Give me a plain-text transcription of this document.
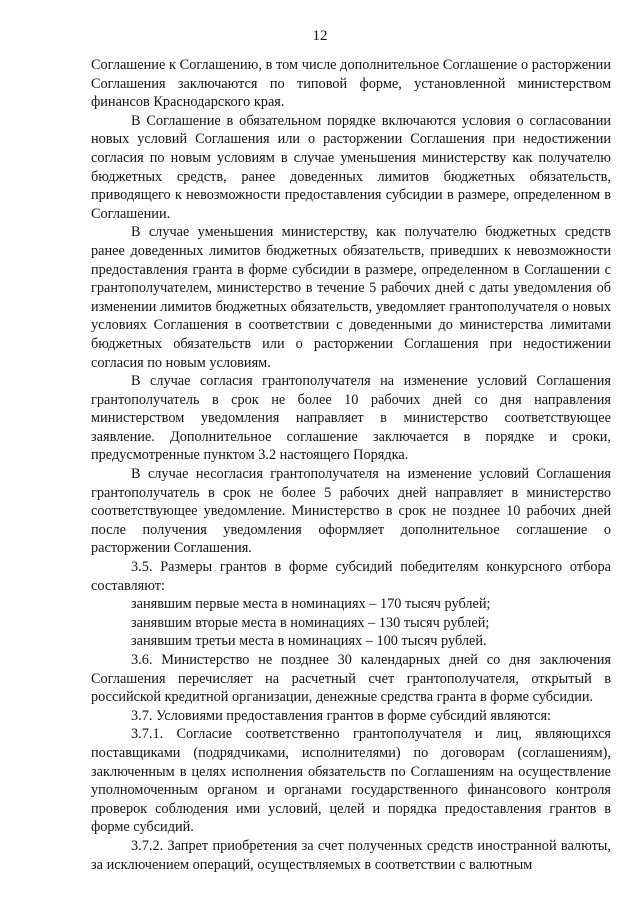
12

Соглашение к Соглашению, в том числе дополнительное Соглашение о расторжении Соглашения заключаются по типовой форме, установленной министерством финансов Краснодарского края.

В Соглашение в обязательном порядке включаются условия о согласовании новых условий Соглашения или о расторжении Соглашения при недостижении согласия по новым условиям в случае уменьшения министерству как получателю бюджетных средств, ранее доведенных лимитов бюджетных обязательств, приводящего к невозможности предоставления субсидии в размере, определенном в Соглашении.

В случае уменьшения министерству, как получателю бюджетных средств ранее доведенных лимитов бюджетных обязательств, приведших к невозможности предоставления гранта в форме субсидии в размере, определенном в Соглашении с грантополучателем, министерство в течение 5 рабочих дней с даты уведомления об изменении лимитов бюджетных обязательств, уведомляет грантополучателя о новых условиях Соглашения в соответствии с доведенными до министерства лимитами бюджетных обязательств или о расторжении Соглашения при недостижении согласия по новым условиям.

В случае согласия грантополучателя на изменение условий Соглашения грантополучатель в срок не более 10 рабочих дней со дня направления министерством уведомления направляет в министерство соответствующее заявление. Дополнительное соглашение заключается в порядке и сроки, предусмотренные пунктом 3.2 настоящего Порядка.

В случае несогласия грантополучателя на изменение условий Соглашения грантополучатель в срок не более 5 рабочих дней направляет в министерство соответствующее уведомление. Министерство в срок не позднее 10 рабочих дней после получения уведомления оформляет дополнительное соглашение о расторжении Соглашения.

3.5. Размеры грантов в форме субсидий победителям конкурсного отбора составляют:

занявшим первые места в номинациях – 170 тысяч рублей;

занявшим вторые места в номинациях – 130 тысяч рублей;

занявшим третьи места в номинациях – 100 тысяч рублей.

3.6. Министерство не позднее 30 календарных дней со дня заключения Соглашения перечисляет на расчетный счет грантополучателя, открытый в российской кредитной организации, денежные средства гранта в форме субсидии.

3.7. Условиями предоставления грантов в форме субсидий являются:

3.7.1. Согласие соответственно грантополучателя и лиц, являющихся поставщиками (подрядчиками, исполнителями) по договорам (соглашениям), заключенным в целях исполнения обязательств по Соглашениям на осуществление уполномоченным органом и органами государственного финансового контроля проверок соблюдения ими условий, целей и порядка предоставления грантов в форме субсидий.

3.7.2. Запрет приобретения за счет полученных средств иностранной валюты, за исключением операций, осуществляемых в соответствии с валютным
